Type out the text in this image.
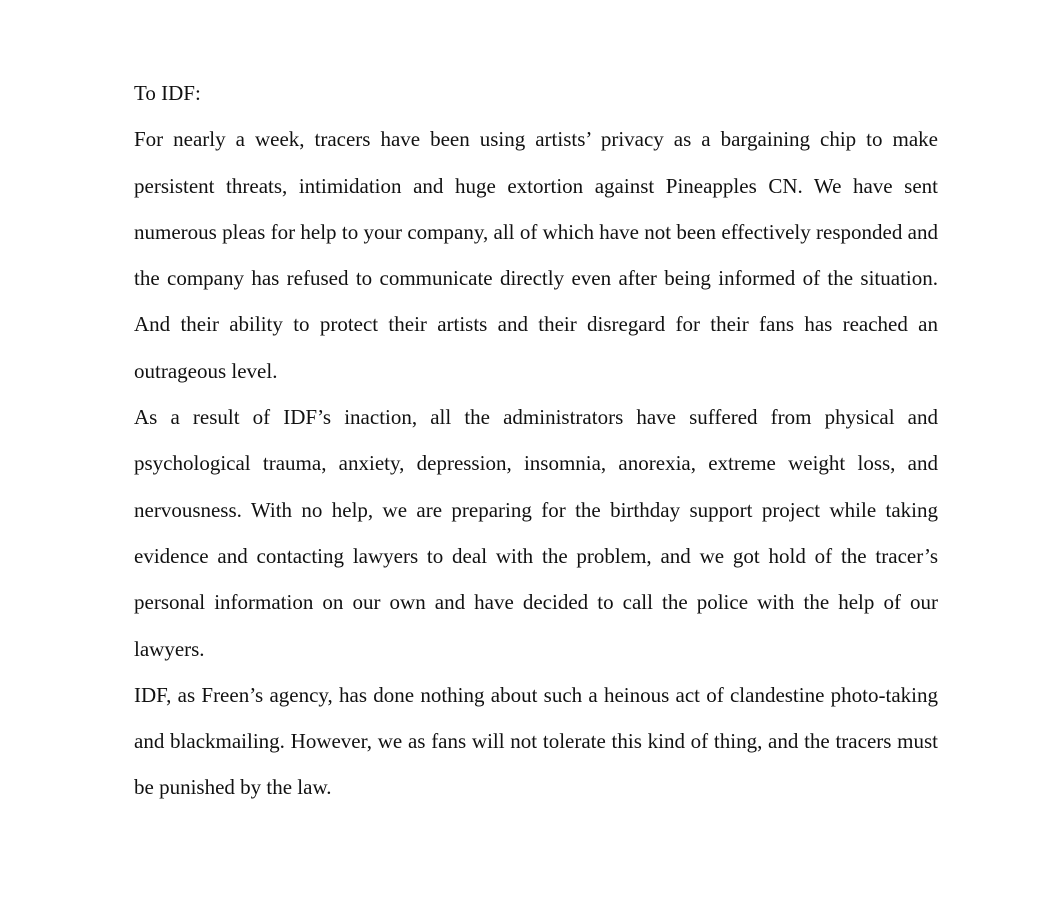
To IDF:

For nearly a week, tracers have been using artists’ privacy as a bargaining chip to make persistent threats, intimidation and huge extortion against Pineapples CN. We have sent numerous pleas for help to your company, all of which have not been effectively responded and the company has refused to communicate directly even after being informed of the situation. And their ability to protect their artists and their disregard for their fans has reached an outrageous level.

As a result of IDF’s inaction, all the administrators have suffered from physical and psychological trauma, anxiety, depression, insomnia, anorexia, extreme weight loss, and nervousness. With no help, we are preparing for the birthday support project while taking evidence and contacting lawyers to deal with the problem, and we got hold of the tracer’s personal information on our own and have decided to call the police with the help of our lawyers.

IDF, as Freen’s agency, has done nothing about such a heinous act of clandestine photo-taking and blackmailing. However, we as fans will not tolerate this kind of thing, and the tracers must be punished by the law.
